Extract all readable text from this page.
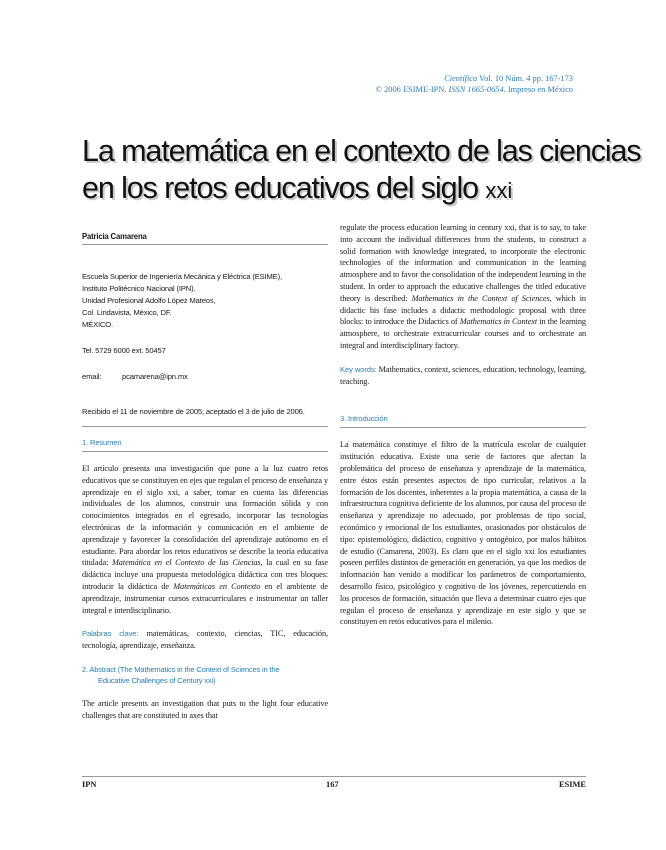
Científica Vol. 10 Núm. 4 pp. 167-173
© 2006 ESIME-IPN. ISSN 1665-0654. Impreso en México
La matemática en el contexto de las ciencias
en los retos educativos del siglo xxi
Patricia Camarena
Escuela Superior de Ingeniería Mecánica y Eléctrica (ESIME),
Instituto Politécnico Nacional (IPN).
Unidad Profesional Adolfo López Mateos,
Col. Lindavista, México, DF.
MÉXICO.
Tel. 5729 6000 ext. 50457
email:	pcamarena@ipn.mx
Recibido el 11 de noviembre de 2005; aceptado el 3 de julio de 2006.
1. Resumen

El artículo presenta una investigación que pone a la luz cuatro retos educativos que se constituyen en ejes que regulan el proceso de enseñanza y aprendizaje en el siglo xxi, a saber, tomar en cuenta las diferencias individuales de los alumnos, construir una formación sólida y con conocimientos integrados en el egresado, incorporar las tecnologías electrónicas de la información y comunicación en el ambiente de aprendizaje y favorecer la consolidación del aprendizaje autónomo en el estudiante. Para abordar los retos educativos se describe la teoría educativa titulada: Matemática en el Contexto de las Ciencias, la cual en su fase didáctica incluye una propuesta metodológica didáctica con tres bloques: introducir la didáctica de Matemáticas en Contexto en el ambiente de aprendizaje, instrumentar cursos extracurriculares e instrumentar un taller integral e interdisciplinario.

Palabras clave: matemáticas, contexto, ciencias, TIC, educación, tecnología, aprendizaje, enseñanza.

2. Abstract (The Mathematics in the Context of Sciences in the
Educative Challenges of Century xxi)

The article presents an investigation that puts to the light four educative challenges that are constituted in axes that

regulate the process education learning in century xxi, that is to say, to take into account the individual differences from the students, to construct a solid formation with knowledge integrated, to incorporate the electronic technologies of the information and communication in the learning atmosphere and to favor the consolidation of the independent learning in the student. In order to approach the educative challenges the titled educative theory is described: Mathematics in the Context of Sciences, which in didactic his fase includes a didactic methodologic proposal with three blocks: to introduce the Didactics of Mathematics in Context in the learning atmosphere, to orchestrate extracurricular courses and to orchestrate an integral and interdisciplinary factory.

Key words: Mathematics, context, sciences, education, technology, learning, teaching.

3. Introducción

La matemática constituye el filtro de la matrícula escolar de cualquier institución educativa. Existe una serie de factores que afectan la problemática del proceso de enseñanza y aprendizaje de la matemática, entre éstos están presentes aspectos de tipo curricular, relativos a la formación de los docentes, inherentes a la propia matemática, a causa de la infraestructura cognitiva deficiente de los alumnos, por causa del proceso de enseñanza y aprendizaje no adecuado, por problemas de tipo social, económico y emocional de los estudiantes, ocasionados por obstáculos de tipo: epistemológico, didáctico, cognitivo y ontogénico, por malos hábitos de estudio (Camarena, 2003). Es claro que en el siglo xxi los estudiantes poseen perfiles distintos de generación en generación, ya que los medios de información han venido a modificar los parámetros de comportamiento, desarrollo físico, psicológico y cognitivo de los jóvenes, repercutiendo en los procesos de formación, situación que lleva a determinar cuatro ejes que regulan el proceso de enseñanza y aprendizaje en este siglo y que se constituyen en retos educativos para el milenio.

IPN	167	ESIME
